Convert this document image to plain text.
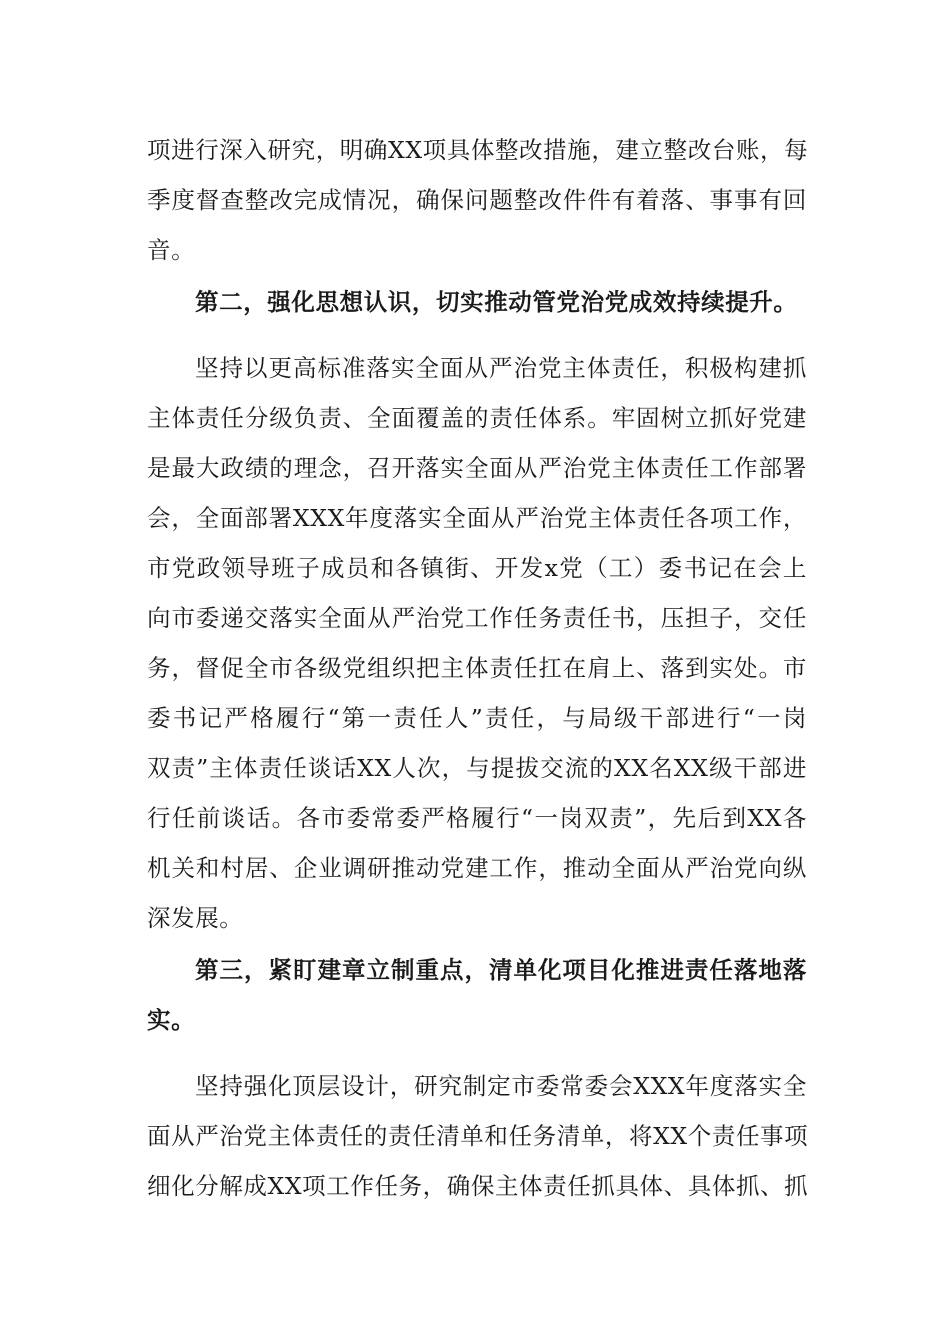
项进行深入研究，明确XX项具体整改措施，建立整改台账，每
季度督查整改完成情况，确保问题整改件件有着落、事事有回
音。
第二，强化思想认识，切实推动管党治党成效持续提升。
坚持以更高标准落实全面从严治党主体责任，积极构建抓
主体责任分级负责、全面覆盖的责任体系。牢固树立抓好党建
是最大政绩的理念，召开落实全面从严治党主体责任工作部署
会，全面部署XXX年度落实全面从严治党主体责任各项工作，
市党政领导班子成员和各镇街、开发x党（工）委书记在会上
向市委递交落实全面从严治党工作任务责任书，压担子，交任
务，督促全市各级党组织把主体责任扛在肩上、落到实处。市
委书记严格履行“第一责任人”责任，与局级干部进行“一岗
双责”主体责任谈话XX人次，与提拔交流的XX名XX级干部进
行任前谈话。各市委常委严格履行“一岗双责”，先后到XX各
机关和村居、企业调研推动党建工作，推动全面从严治党向纵
深发展。
第三，紧盯建章立制重点，清单化项目化推进责任落地落
实。
坚持强化顶层设计，研究制定市委常委会XXX年度落实全
面从严治党主体责任的责任清单和任务清单，将XX个责任事项
细化分解成XX项工作任务，确保主体责任抓具体、具体抓、抓
